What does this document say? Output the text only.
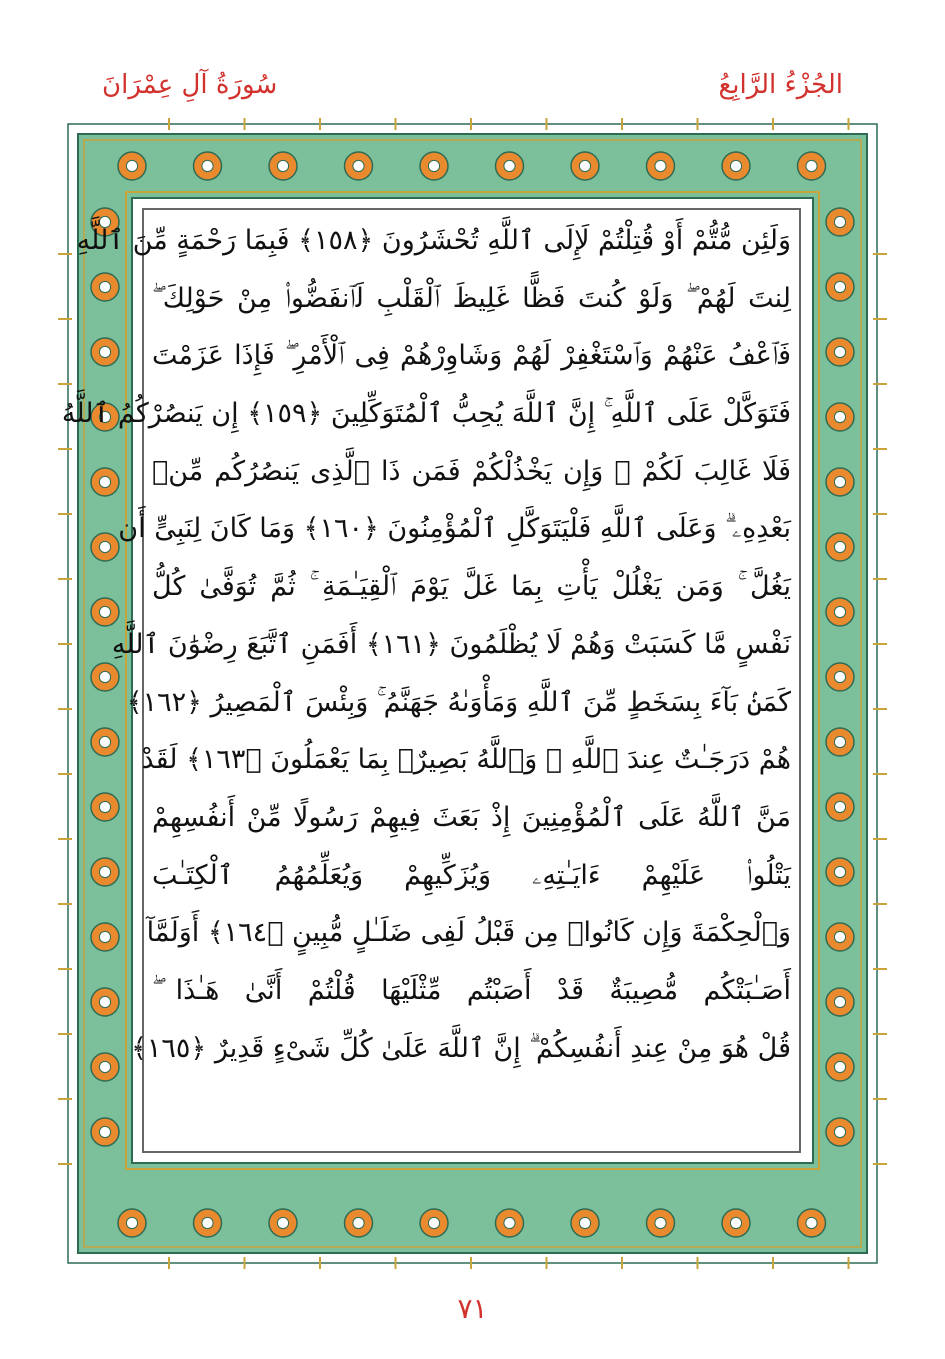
سُورَةُ آلِ عِمْرَانَ	الجُزْءُ الرَّابِعُ
وَلَئِن مُّتُّمْ أَوْ قُتِلْتُمْ لَإِلَى ٱللَّهِ تُحْشَرُونَ ﴿١٥٨﴾ فَبِمَا رَحْمَةٍ مِّنَ ٱللَّهِ
لِنتَ لَهُمْ ۖ وَلَوْ كُنتَ فَظًّا غَلِيظَ ٱلْقَلْبِ لَٱنفَضُّوا۟ مِنْ حَوْلِكَ ۖ
فَٱعْفُ عَنْهُمْ وَٱسْتَغْفِرْ لَهُمْ وَشَاوِرْهُمْ فِى ٱلْأَمْرِ ۖ فَإِذَا عَزَمْتَ
فَتَوَكَّلْ عَلَى ٱللَّهِ ۚ إِنَّ ٱللَّهَ يُحِبُّ ٱلْمُتَوَكِّلِينَ ﴿١٥٩﴾ إِن يَنصُرْكُمُ ٱللَّهُ
فَلَا غَالِبَ لَكُمْ ۖ وَإِن يَخْذُلْكُمْ فَمَن ذَا ٱلَّذِى يَنصُرُكُم مِّنۢ
بَعْدِهِۦ ۗ وَعَلَى ٱللَّهِ فَلْيَتَوَكَّلِ ٱلْمُؤْمِنُونَ ﴿١٦٠﴾ وَمَا كَانَ لِنَبِىٍّ أَن
يَغُلَّ ۚ وَمَن يَغْلُلْ يَأْتِ بِمَا غَلَّ يَوْمَ ٱلْقِيَـٰمَةِ ۚ ثُمَّ تُوَفَّىٰ كُلُّ
نَفْسٍ مَّا كَسَبَتْ وَهُمْ لَا يُظْلَمُونَ ﴿١٦١﴾ أَفَمَنِ ٱتَّبَعَ رِضْوَٰنَ ٱللَّهِ
كَمَنۢ بَآءَ بِسَخَطٍ مِّنَ ٱللَّهِ وَمَأْوَىٰهُ جَهَنَّمُ ۚ وَبِئْسَ ٱلْمَصِيرُ ﴿١٦٢﴾
هُمْ دَرَجَـٰتٌ عِندَ ٱللَّهِ ۗ وَٱللَّهُ بَصِيرٌۢ بِمَا يَعْمَلُونَ ﴿١٦٣﴾ لَقَدْ
مَنَّ ٱللَّهُ عَلَى ٱلْمُؤْمِنِينَ إِذْ بَعَثَ فِيهِمْ رَسُولًا مِّنْ أَنفُسِهِمْ
يَتْلُوا۟ عَلَيْهِمْ ءَايَـٰتِهِۦ وَيُزَكِّيهِمْ وَيُعَلِّمُهُمُ ٱلْكِتَـٰبَ
وَٱلْحِكْمَةَ وَإِن كَانُوا۟ مِن قَبْلُ لَفِى ضَلَـٰلٍ مُّبِينٍ ﴿١٦٤﴾ أَوَلَمَّآ
أَصَـٰبَتْكُم مُّصِيبَةٌ قَدْ أَصَبْتُم مِّثْلَيْهَا قُلْتُمْ أَنَّىٰ هَـٰذَا ۖ
قُلْ هُوَ مِنْ عِندِ أَنفُسِكُمْ ۗ إِنَّ ٱللَّهَ عَلَىٰ كُلِّ شَىْءٍ قَدِيرٌ ﴿١٦٥﴾
٧١
